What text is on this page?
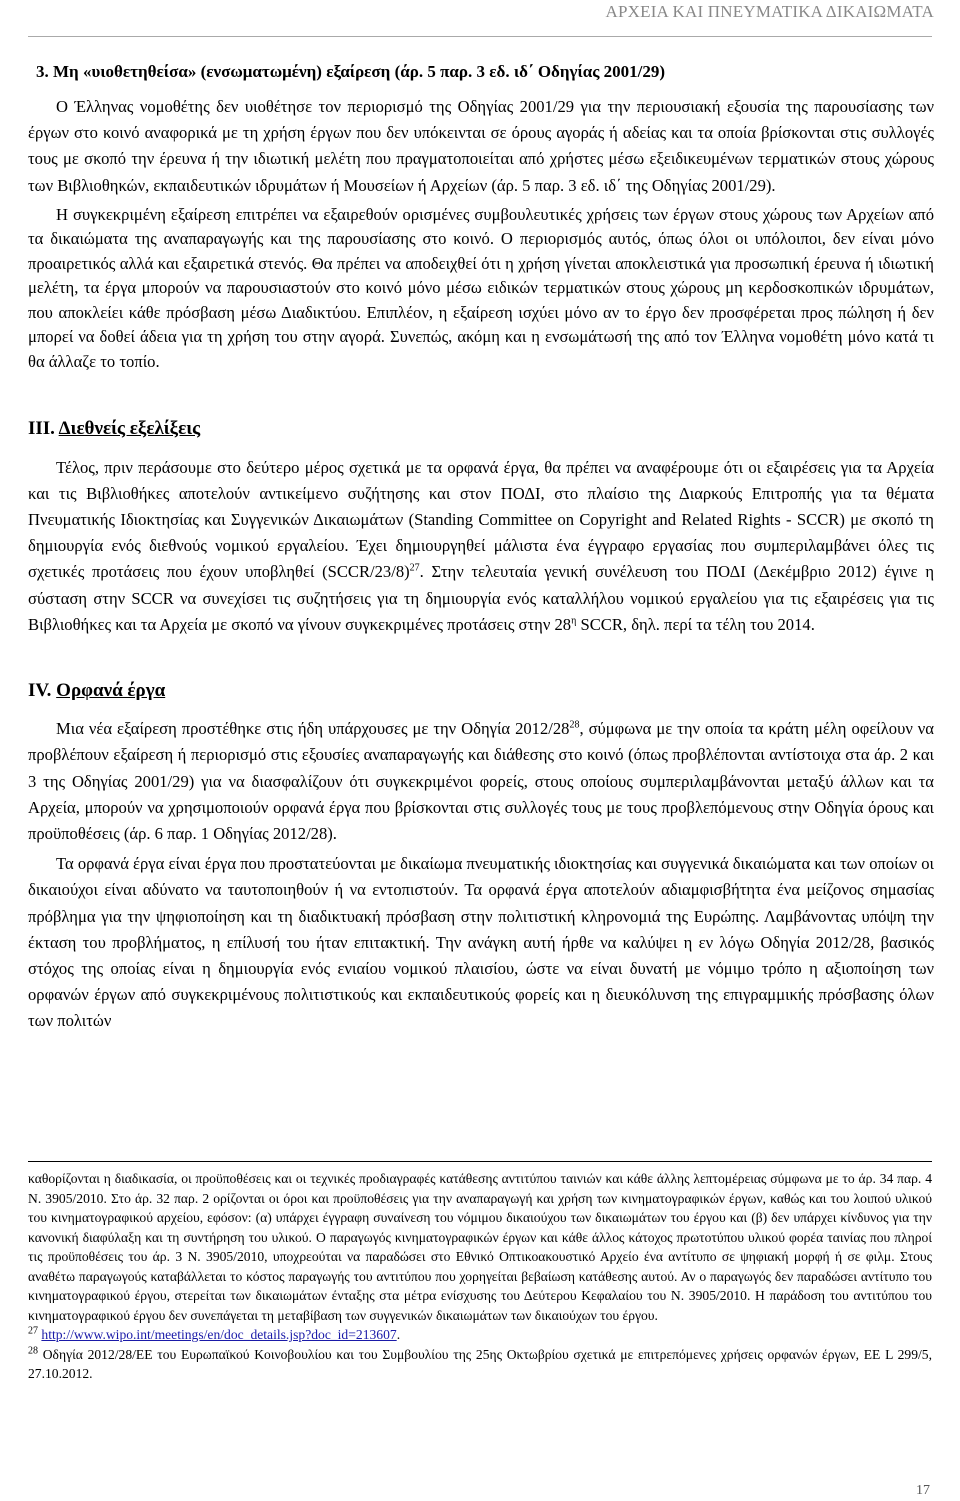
ΑΡΧΕΙΑ ΚΑΙ ΠΝΕΥΜΑΤΙΚΑ ΔΙΚΑΙΩΜΑΤΑ
3. Μη «υιοθετηθείσα» (ενσωματωμένη) εξαίρεση (άρ. 5 παρ. 3 εδ. ιδ΄ Οδηγίας 2001/29)

Ο Έλληνας νομοθέτης δεν υιοθέτησε τον περιορισμό της Οδηγίας 2001/29 για την περιουσιακή εξουσία της παρουσίασης των έργων στο κοινό αναφορικά με τη χρήση έργων που δεν υπόκεινται σε όρους αγοράς ή αδείας και τα οποία βρίσκονται στις συλλογές τους με σκοπό την έρευνα ή την ιδιωτική μελέτη που πραγματοποιείται από χρήστες μέσω εξειδικευμένων τερματικών στους χώρους των Βιβλιοθηκών, εκπαιδευτικών ιδρυμάτων ή Μουσείων ή Αρχείων (άρ. 5 παρ. 3 εδ. ιδ΄ της Οδηγίας 2001/29).

Η συγκεκριμένη εξαίρεση επιτρέπει να εξαιρεθούν ορισμένες συμβουλευτικές χρήσεις των έργων στους χώρους των Αρχείων από τα δικαιώματα της αναπαραγωγής και της παρουσίασης στο κοινό. Ο περιορισμός αυτός, όπως όλοι οι υπόλοιποι, δεν είναι μόνο προαιρετικός αλλά και εξαιρετικά στενός. Θα πρέπει να αποδειχθεί ότι η χρήση γίνεται αποκλειστικά για προσωπική έρευνα ή ιδιωτική μελέτη, τα έργα μπορούν να παρουσιαστούν στο κοινό μόνο μέσω ειδικών τερματικών στους χώρους μη κερδοσκοπικών ιδρυμάτων, που αποκλείει κάθε πρόσβαση μέσω Διαδικτύου. Επιπλέον, η εξαίρεση ισχύει μόνο αν το έργο δεν προσφέρεται προς πώληση ή δεν μπορεί να δοθεί άδεια για τη χρήση του στην αγορά. Συνεπώς, ακόμη και η ενσωμάτωσή της από τον Έλληνα νομοθέτη μόνο κατά τι θα άλλαζε το τοπίο.

III. Διεθνείς εξελίξεις

Τέλος, πριν περάσουμε στο δεύτερο μέρος σχετικά με τα ορφανά έργα, θα πρέπει να αναφέρουμε ότι οι εξαιρέσεις για τα Αρχεία και τις Βιβλιοθήκες αποτελούν αντικείμενο συζήτησης και στον ΠΟΔΙ, στο πλαίσιο της Διαρκούς Επιτροπής για τα θέματα Πνευματικής Ιδιοκτησίας και Συγγενικών Δικαιωμάτων (Standing Committee on Copyright and Related Rights - SCCR) με σκοπό τη δημιουργία ενός διεθνούς νομικού εργαλείου. Έχει δημιουργηθεί μάλιστα ένα έγγραφο εργασίας που συμπεριλαμβάνει όλες τις σχετικές προτάσεις που έχουν υποβληθεί (SCCR/23/8)$^{27}$. Στην τελευταία γενική συνέλευση του ΠΟΔΙ (Δεκέμβριο 2012) έγινε η σύσταση στην SCCR να συνεχίσει τις συζητήσεις για τη δημιουργία ενός καταλλήλου νομικού εργαλείου για τις εξαιρέσεις για τις Βιβλιοθήκες και τα Αρχεία με σκοπό να γίνουν συγκεκριμένες προτάσεις στην $28^\eta$ SCCR, δηλ. περί τα τέλη του 2014.

IV. Ορφανά έργα

Μια νέα εξαίρεση προστέθηκε στις ήδη υπάρχουσες με την Οδηγία $2012/28^{28}$, σύμφωνα με την οποία τα κράτη μέλη οφείλουν να προβλέπουν εξαίρεση ή περιορισμό στις εξουσίες αναπαραγωγής και διάθεσης στο κοινό (όπως προβλέπονται αντίστοιχα στα άρ. 2 και 3 της Οδηγίας 2001/29) για να διασφαλίζουν ότι συγκεκριμένοι φορείς, στους οποίους συμπεριλαμβάνονται μεταξύ άλλων και τα Αρχεία, μπορούν να χρησιμοποιούν ορφανά έργα που βρίσκονται στις συλλογές τους με τους προβλεπόμενους στην Οδηγία όρους και προϋποθέσεις (άρ. 6 παρ. 1 Οδηγίας 2012/28).

Τα ορφανά έργα είναι έργα που προστατεύονται με δικαίωμα πνευματικής ιδιοκτησίας και συγγενικά δικαιώματα και των οποίων οι δικαιούχοι είναι αδύνατο να ταυτοποιηθούν ή να εντοπιστούν. Τα ορφανά έργα αποτελούν αδιαμφισβήτητα ένα μείζονος σημασίας πρόβλημα για την ψηφιοποίηση και τη διαδικτυακή πρόσβαση στην πολιτιστική κληρονομιά της Ευρώπης. Λαμβάνοντας υπόψη την έκταση του προβλήματος, η επίλυσή του ήταν επιτακτική. Την ανάγκη αυτή ήρθε να καλύψει η εν λόγω Οδηγία 2012/28, βασικός στόχος της οποίας είναι η δημιουργία ενός ενιαίου νομικού πλαισίου, ώστε να είναι δυνατή με νόμιμο τρόπο η αξιοποίηση των ορφανών έργων από συγκεκριμένους πολιτιστικούς και εκπαιδευτικούς φορείς και η διευκόλυνση της επιγραμμικής πρόσβασης όλων των πολιτών

καθορίζονται η διαδικασία, οι προϋποθέσεις και οι τεχνικές προδιαγραφές κατάθεσης αντιτύπου ταινιών και κάθε άλλης λεπτομέρειας σύμφωνα με το άρ. 34 παρ. 4 Ν. 3905/2010. Στο άρ. 32 παρ. 2 ορίζονται οι όροι και προϋποθέσεις για την αναπαραγωγή και χρήση των κινηματογραφικών έργων, καθώς και του λοιπού υλικού του κινηματογραφικού αρχείου, εφόσον: (α) υπάρχει έγγραφη συναίνεση του νόμιμου δικαιούχου των δικαιωμάτων του έργου και (β) δεν υπάρχει κίνδυνος για την κανονική διαφύλαξη και τη συντήρηση του υλικού. Ο παραγωγός κινηματογραφικών έργων και κάθε άλλος κάτοχος πρωτοτύπου υλικού φορέα ταινίας που πληροί τις προϋποθέσεις του άρ. 3 Ν. 3905/2010, υποχρεούται να παραδώσει στο Εθνικό Οπτικοακουστικό Αρχείο ένα αντίτυπο σε ψηφιακή μορφή ή σε φιλμ. Στους αναθέτω παραγωγούς καταβάλλεται το κόστος παραγωγής του αντιτύπου που χορηγείται βεβαίωση κατάθεσης αυτού. Αν ο παραγωγός δεν παραδώσει αντίτυπο του κινηματογραφικού έργου, στερείται των δικαιωμάτων ένταξης στα μέτρα ενίσχυσης του Δεύτερου Κεφαλαίου του Ν. 3905/2010. Η παράδοση του αντιτύπου του κινηματογραφικού έργου δεν συνεπάγεται τη μεταβίβαση των συγγενικών δικαιωμάτων των δικαιούχων του έργου.

$^{27}$ http://www.wipo.int/meetings/en/doc_details.jsp?doc_id=213607.

$^{28}$ Οδηγία 2012/28/ΕΕ του Ευρωπαϊκού Κοινοβουλίου και του Συμβουλίου της 25ης Οκτωβρίου σχετικά με επιτρεπόμενες χρήσεις ορφανών έργων, ΕΕ L 299/5, 27.10.2012.

17
